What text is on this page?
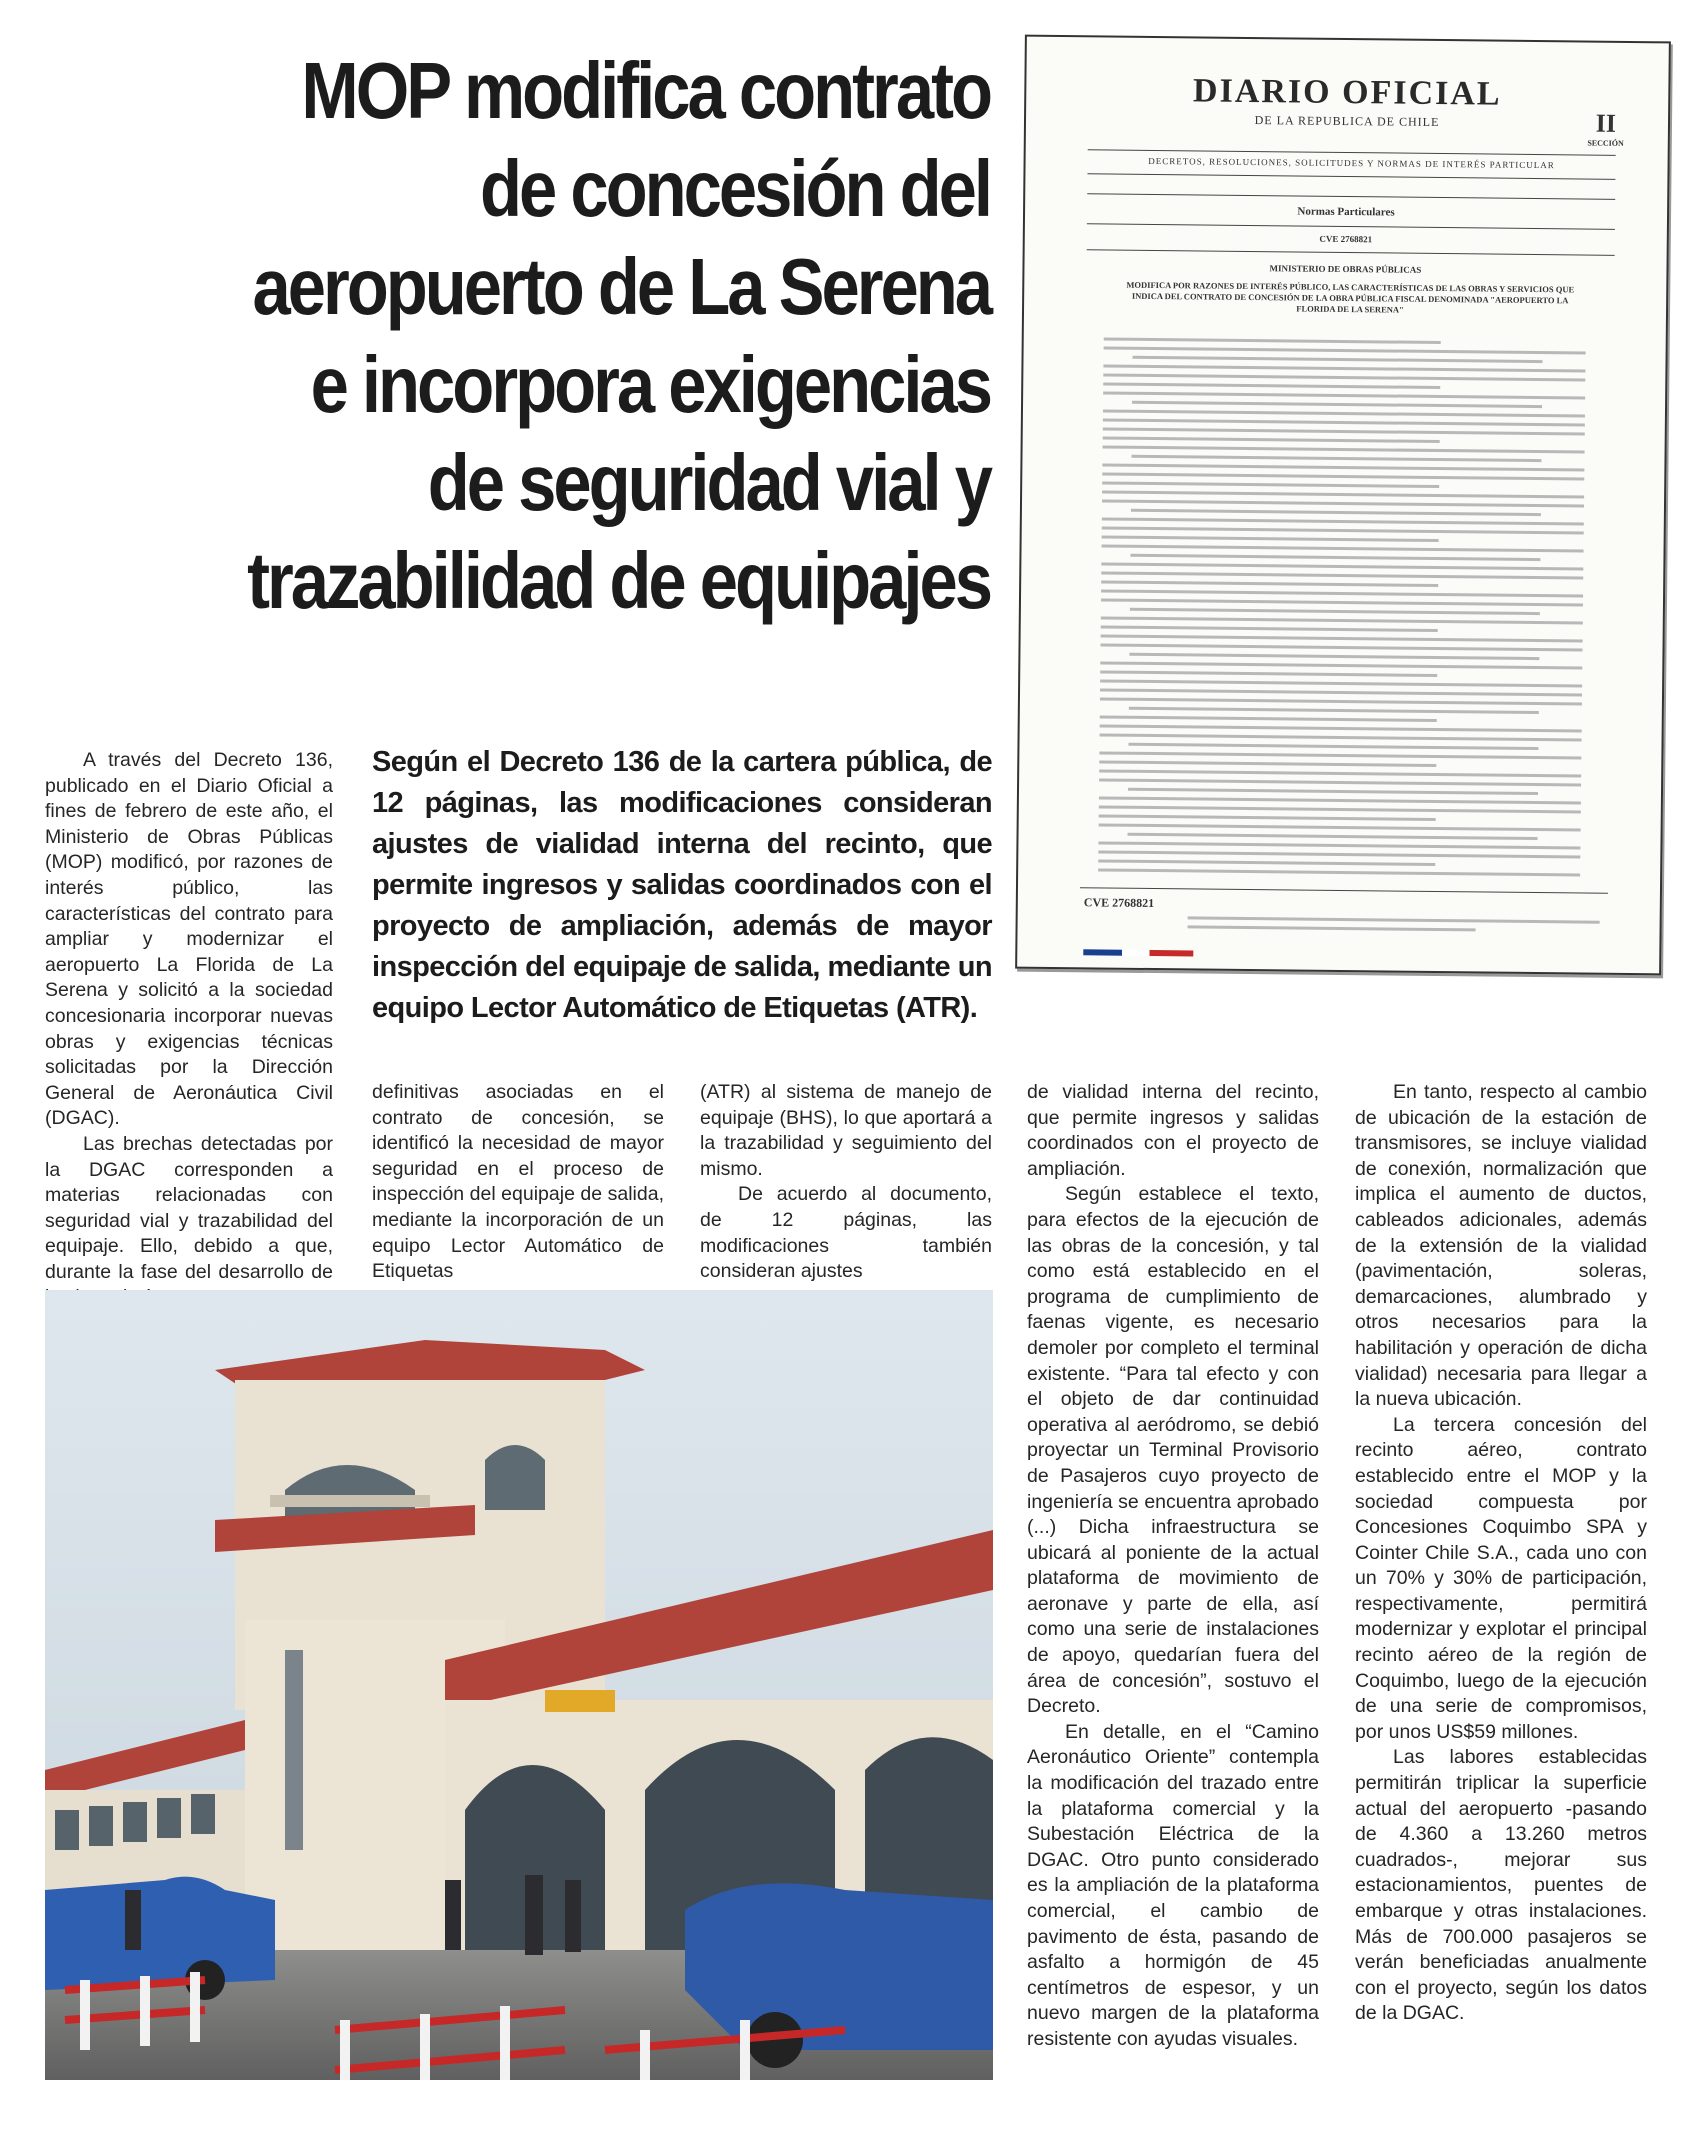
MOP modifica contrato
de concesión del
aeropuerto de La Serena
e incorpora exigencias
de seguridad vial y
trazabilidad de equipajes
DIARIO OFICIAL
DE LA REPUBLICA DE CHILE	II
SECCIÓN
DECRETOS, RESOLUCIONES, SOLICITUDES Y NORMAS DE INTERÉS PARTICULAR
Normas Particulares
CVE 2768821
MINISTERIO DE OBRAS PÚBLICAS
MODIFICA POR RAZONES DE INTERÉS PÚBLICO, LAS CARACTERÍSTICAS DE LAS OBRAS Y SERVICIOS QUE INDICA DEL CONTRATO DE CONCESIÓN DE LA OBRA PÚBLICA FISCAL DENOMINADA "AEROPUERTO LA FLORIDA DE LA SERENA"
CVE 2768821

Según el Decreto 136 de la cartera pública, de 12 páginas, las modificaciones consideran ajustes de vialidad interna del recinto, que permite ingresos y salidas coordinados con el proyecto de ampliación, además de mayor inspección del equipaje de salida, mediante un equipo Lector Automático de Etiquetas (ATR).

A través del Decreto 136, publicado en el Diario Oficial a fines de febrero de este año, el Ministerio de Obras Públicas (MOP) modificó, por razones de interés público, las características del contrato para ampliar y modernizar el aeropuerto La Florida de La Serena y solicitó a la sociedad concesionaria incorporar nuevas obras y exigencias técnicas solicitadas por la Dirección General de Aeronáutica Civil (DGAC).

Las brechas detectadas por la DGAC corresponden a materias relacionadas con seguridad vial y trazabilidad del equipaje. Ello, debido a que, durante la fase del desarrollo de

definitivas asociadas en el contrato de concesión, se identificó la necesidad de mayor seguridad en el proceso de inspección del equipaje de salida, mediante la incorporación de un equipo Lector Automático de Etiquetas

(ATR) al sistema de manejo de equipaje (BHS), lo que aportará a la trazabilidad y seguimiento del mismo.

De acuerdo al documento, de 12 páginas, las modificaciones también consideran ajustes

de vialidad interna del recinto, que permite ingresos y salidas coordinados con el proyecto de ampliación.

Según establece el texto, para efectos de la ejecución de las obras de la concesión, y tal como está establecido en el programa de cumplimiento de faenas vigente, es necesario demoler por completo el terminal existente. “Para tal efecto y con el objeto de dar continuidad operativa al aeródromo, se debió proyectar un Terminal Provisorio de Pasajeros cuyo proyecto de ingeniería se encuentra aprobado (...) Dicha infraestructura se ubicará al poniente de la actual plataforma de movimiento de aeronave y parte de ella, así como una serie de instalaciones de apoyo, quedarían fuera del área de concesión”, sostuvo el Decreto.

En detalle, en el “Camino Aeronáutico Oriente” contempla la modificación del trazado entre la plataforma comercial y la Subestación Eléctrica de la DGAC. Otro punto considerado es la ampliación de la plataforma comercial, el cambio de pavimento de ésta, pasando de asfalto a hormigón de 45 centímetros de espesor, y un nuevo margen de la plataforma resistente con ayudas visuales.

En tanto, respecto al cambio de ubicación de la estación de transmisores, se incluye vialidad de conexión, normalización que implica el aumento de ductos, cableados adicionales, además de la extensión de la vialidad (pavimentación, soleras, demarcaciones, alumbrado y otros necesarios para la habilitación y operación de dicha vialidad) necesaria para llegar a la nueva ubicación.

La tercera concesión del recinto aéreo, contrato establecido entre el MOP y la sociedad compuesta por Concesiones Coquimbo SPA y Cointer Chile S.A., cada uno con un 70% y 30% de participación, respectivamente, permitirá modernizar y explotar el principal recinto aéreo de la región de Coquimbo, luego de la ejecución de una serie de compromisos, por unos US$59 millones.

Las labores establecidas permitirán triplicar la superficie actual del aeropuerto -pasando de 4.360 a 13.260 metros cuadrados-, mejorar sus estacionamientos, puentes de embarque y otras instalaciones. Más de 700.000 pasajeros se verán beneficiadas anualmente con el proyecto, según los datos de la DGAC.
